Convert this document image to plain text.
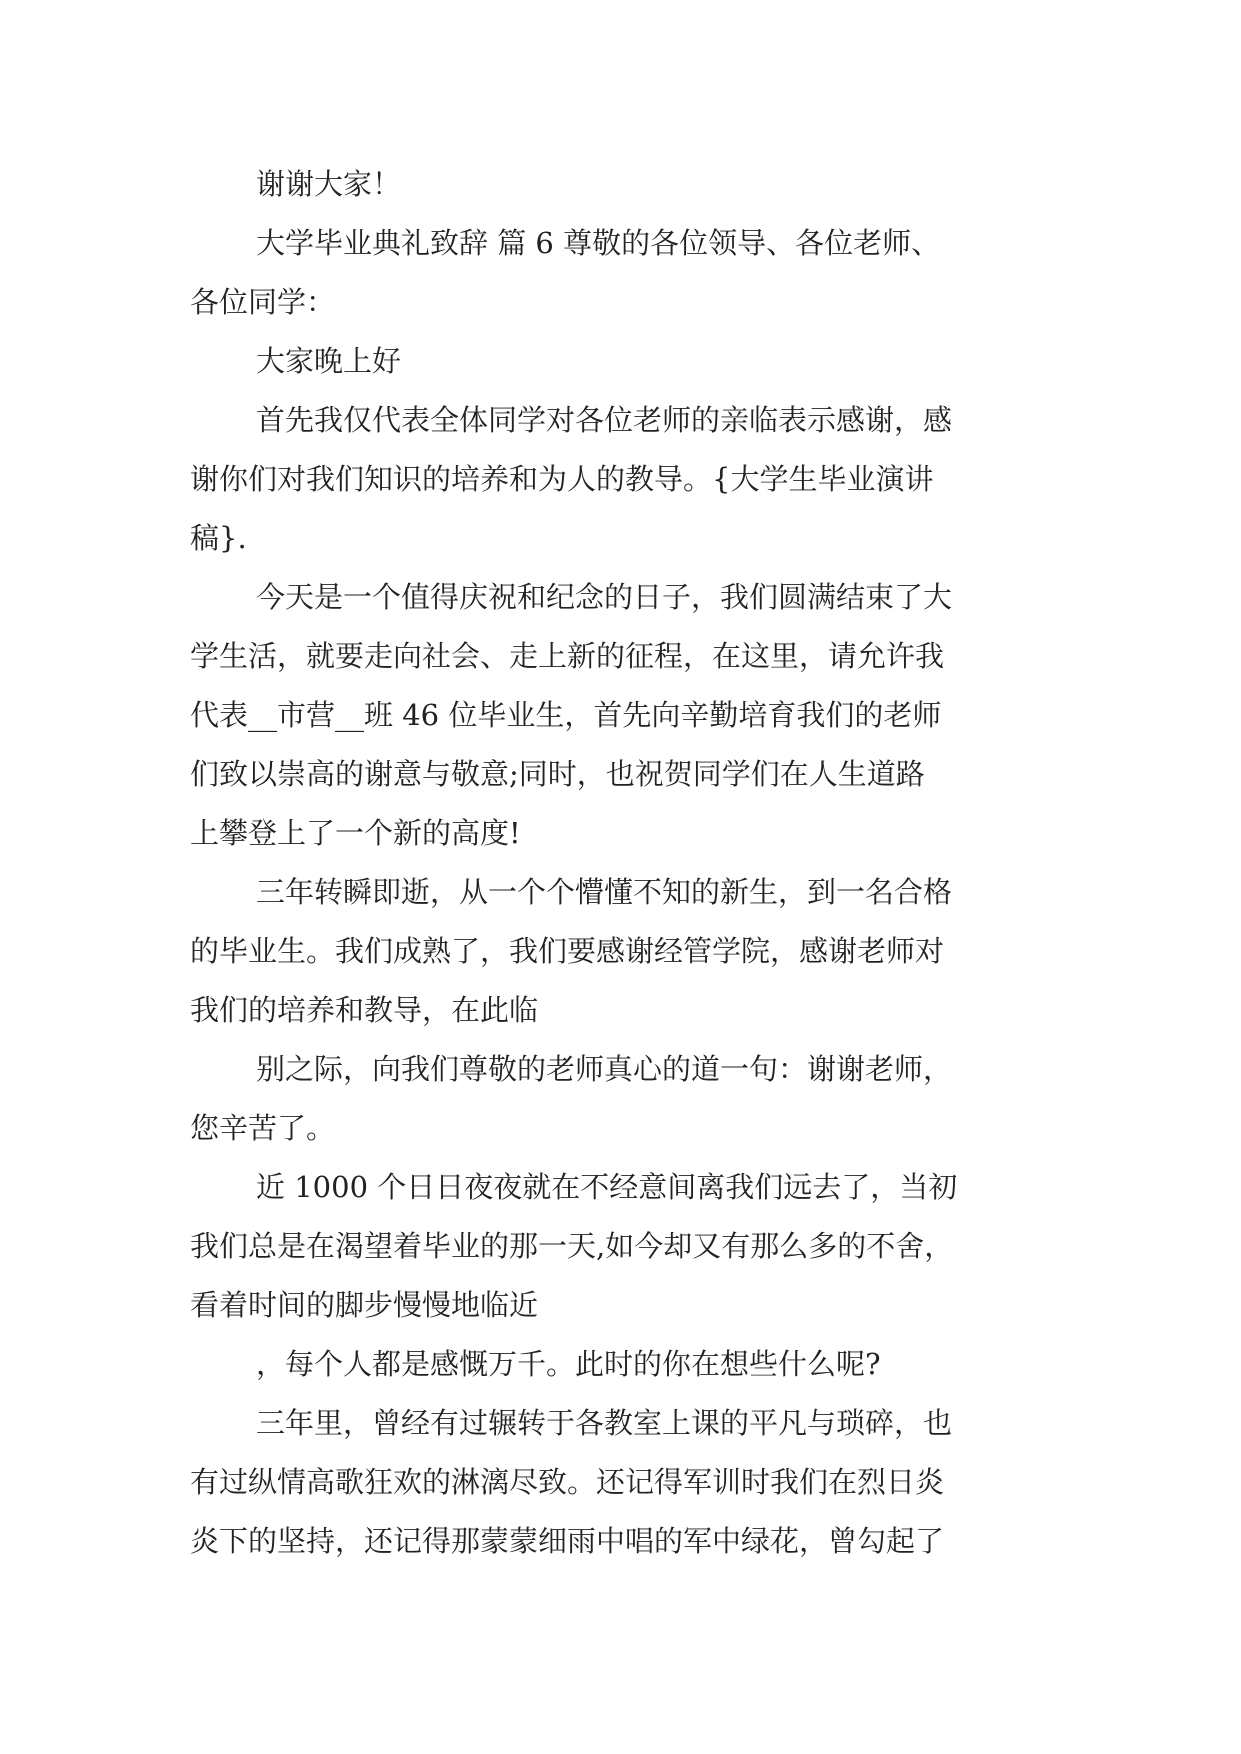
谢谢大家！
大学毕业典礼致辞 篇 6 尊敬的各位领导、各位老师、
各位同学：
大家晚上好
首先我仅代表全体同学对各位老师的亲临表示感谢，感
谢你们对我们知识的培养和为人的教导。{大学生毕业演讲
稿}.
今天是一个值得庆祝和纪念的日子，我们圆满结束了大
学生活，就要走向社会、走上新的征程，在这里，请允许我
代表__市营__班 46 位毕业生，首先向辛勤培育我们的老师
们致以崇高的谢意与敬意;同时，也祝贺同学们在人生道路
上攀登上了一个新的高度!
三年转瞬即逝，从一个个懵懂不知的新生，到一名合格
的毕业生。我们成熟了，我们要感谢经管学院，感谢老师对
我们的培养和教导，在此临
别之际，向我们尊敬的老师真心的道一句：谢谢老师，
您辛苦了。
近 1000 个日日夜夜就在不经意间离我们远去了，当初
我们总是在渴望着毕业的那一天,如今却又有那么多的不舍，
看着时间的脚步慢慢地临近
，每个人都是感慨万千。此时的你在想些什么呢?
三年里，曾经有过辗转于各教室上课的平凡与琐碎，也
有过纵情高歌狂欢的淋漓尽致。还记得军训时我们在烈日炎
炎下的坚持，还记得那蒙蒙细雨中唱的军中绿花，曾勾起了
